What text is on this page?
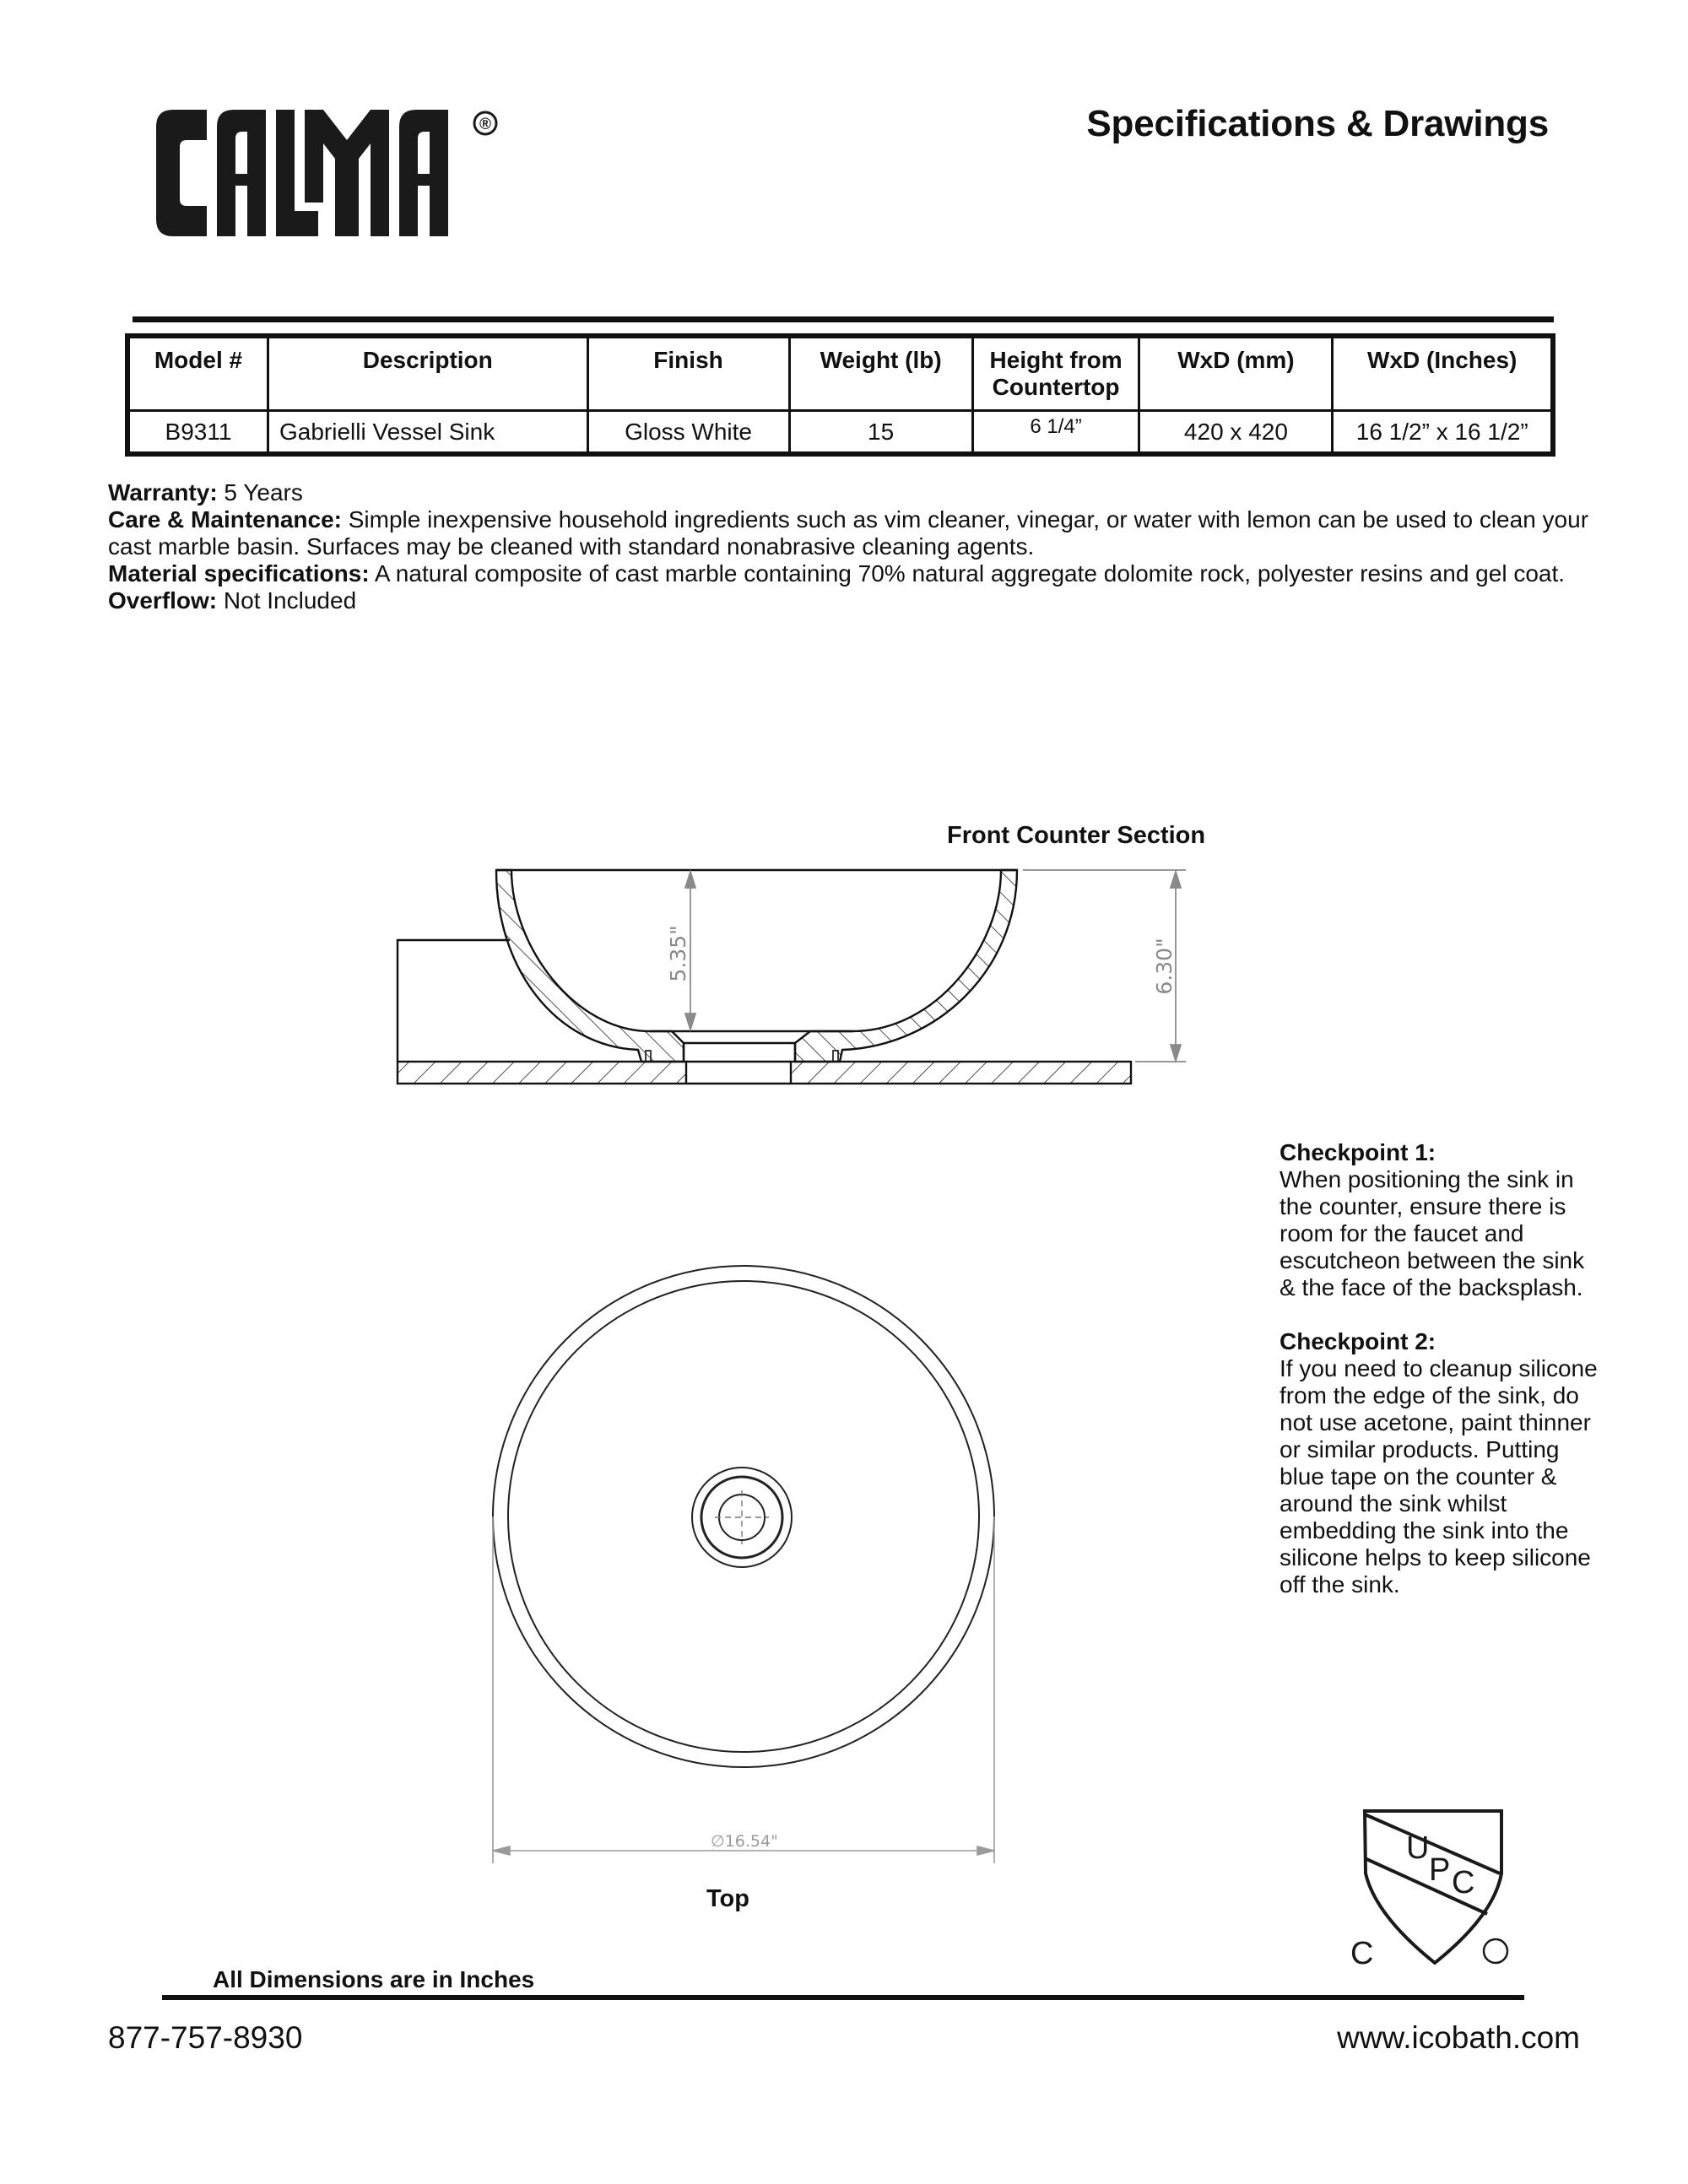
®	Specifications & Drawings
Model #	Description	Finish	Weight (lb)	Height from Countertop	WxD (mm)	WxD (Inches)
B9311	Gabrielli Vessel Sink	Gloss White	15	6 1/4”	420 x 420	16 1/2” x 16 1/2”
Warranty: 5 Years
Care & Maintenance: Simple inexpensive household ingredients such as vim cleaner, vinegar, or water with lemon can be used to clean your cast marble basin. Surfaces may be cleaned with standard nonabrasive cleaning agents.
Material specifications: A natural composite of cast marble containing 70% natural aggregate dolomite rock, polyester resins and gel coat.
Overflow: Not Included
Front Counter Section
Top
5.35"	6.30"
∅16.54"
Checkpoint 1:
When positioning the sink in the counter, ensure there is room for the faucet and escutcheon between the sink & the face of the backsplash.
Checkpoint 2:
If you need to cleanup silicone from the edge of the sink, do not use acetone, paint thinner or similar products. Putting blue tape on the counter & around the sink whilst embedding the sink into the silicone helps to keep silicone off the sink.
U
P C
C
All Dimensions are in Inches
877-757-8930	www.icobath.com
